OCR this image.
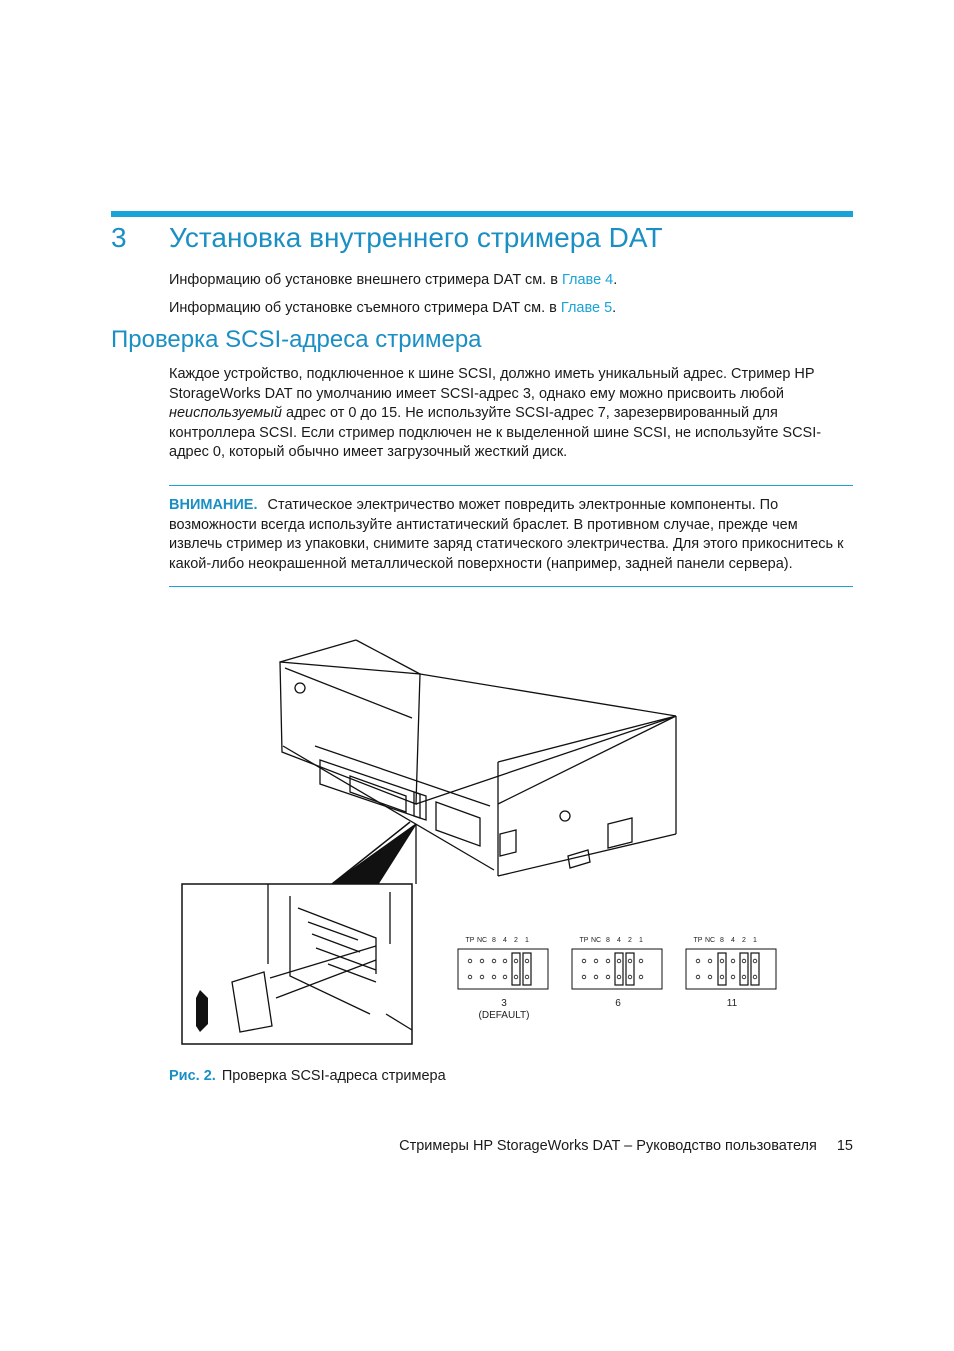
3 Установка внутреннего стримера DAT
Информацию об установке внешнего стримера DAT см. в Главе 4.
Информацию об установке съемного стримера DAT см. в Главе 5.
Проверка SCSI-адреса стримера
Каждое устройство, подключенное к шине SCSI, должно иметь уникальный адрес. Стример HP StorageWorks DAT по умолчанию имеет SCSI-адрес 3, однако ему можно присвоить любой неиспользуемый адрес от 0 до 15. Не используйте SCSI-адрес 7, зарезервированный для контроллера SCSI. Если стример подключен не к выделенной шине SCSI, не используйте SCSI-адрес 0, который обычно имеет загрузочный жесткий диск.
ВНИМАНИЕ. Статическое электричество может повредить электронные компоненты. По возможности всегда используйте антистатический браслет. В противном случае, прежде чем извлечь стример из упаковки, снимите заряд статического электричества. Для этого прикоснитесь к какой-либо неокрашенной металлической поверхности (например, задней панели сервера).
TP NC 8 4 2 1
3
(DEFAULT)
TP NC 8 4 2 1
6
TP NC 8 4 2 1
11
Рис. 2. Проверка SCSI-адреса стримера
Стримеры HP StorageWorks DAT – Руководство пользователя 15
